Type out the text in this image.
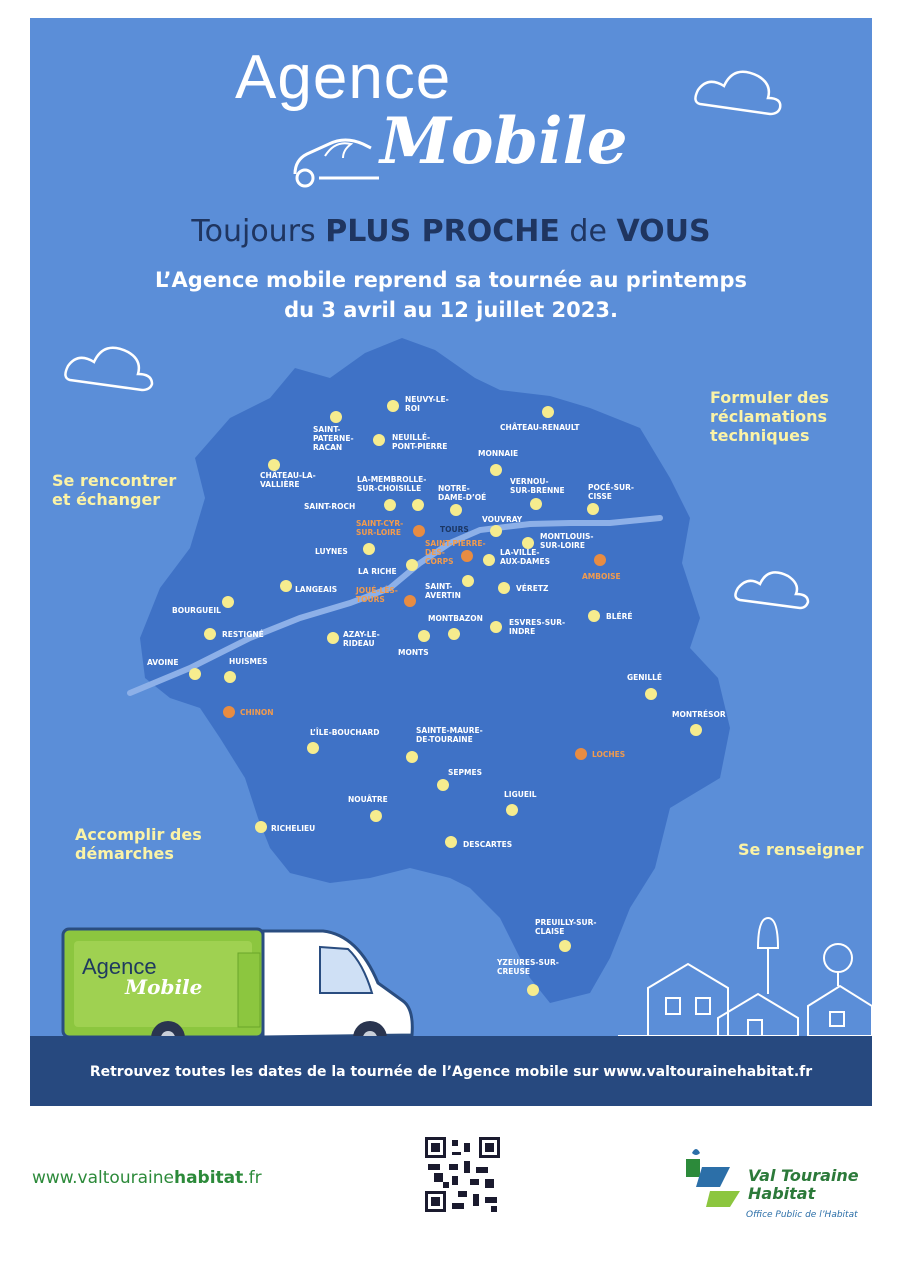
Agence
Mobile
Toujours PLUS PROCHE de VOUS
L’Agence mobile reprend sa tournée au printemps
du 3 avril au 12 juillet 2023.
NEUVY-LE-
ROI
CHÂTEAU-RENAULT
SAINT-
PATERNE-
RACAN
NEUILLÉ-
PONT-PIERRE
MONNAIE
CHÂTEAU-LA-
VALLIÈRE
LA-MEMBROLLE-
SUR-CHOISILLE	NOTRE-
DAME-D’OÉ
VERNOU-
SUR-BRENNE	POCÉ-SUR-
CISSE
SAINT-ROCH
SAINT-CYR-
SUR-LOIRE	TOURS
VOUVRAY
MONTLOUIS-
SUR-LOIRE
LUYNES
SAINT-PIERRE-
DES-
CORPS
LA-VILLE-
AUX-DAMES
AMBOISE
LA RICHE
LANGEAIS	SAINT-
AVERTIN
VÉRETZ
JOUÉ-LÈS-
TOURS
BOURGUEIL
BLÉRÉ
RESTIGNÉ	AZAY-LE-
RIDEAU
MONTBAZON	ESVRES-SUR-
INDRE
MONTS
AVOINE	HUISMES
GENILLÉ
CHINON	MONTRÉSOR
L’ÎLE-BOUCHARD	SAINTE-MAURE-
DE-TOURAINE
LOCHES
SEPMES
NOUÂTRE
LIGUEIL
RICHELIEU
DESCARTES
PREUILLY-SUR-
CLAISE
YZEURES-SUR-
CREUSE
Se rencontrer
et échanger
Formuler des
réclamations
techniques
Accomplir des
démarches	Se renseigner
Agence
Mobile
Retrouvez toutes les dates de la tournée de l’Agence mobile sur www.valtourainehabitat.fr
www.valtourainehabitat.fr	Val Touraine
Habitat
Office Public de l’Habitat
